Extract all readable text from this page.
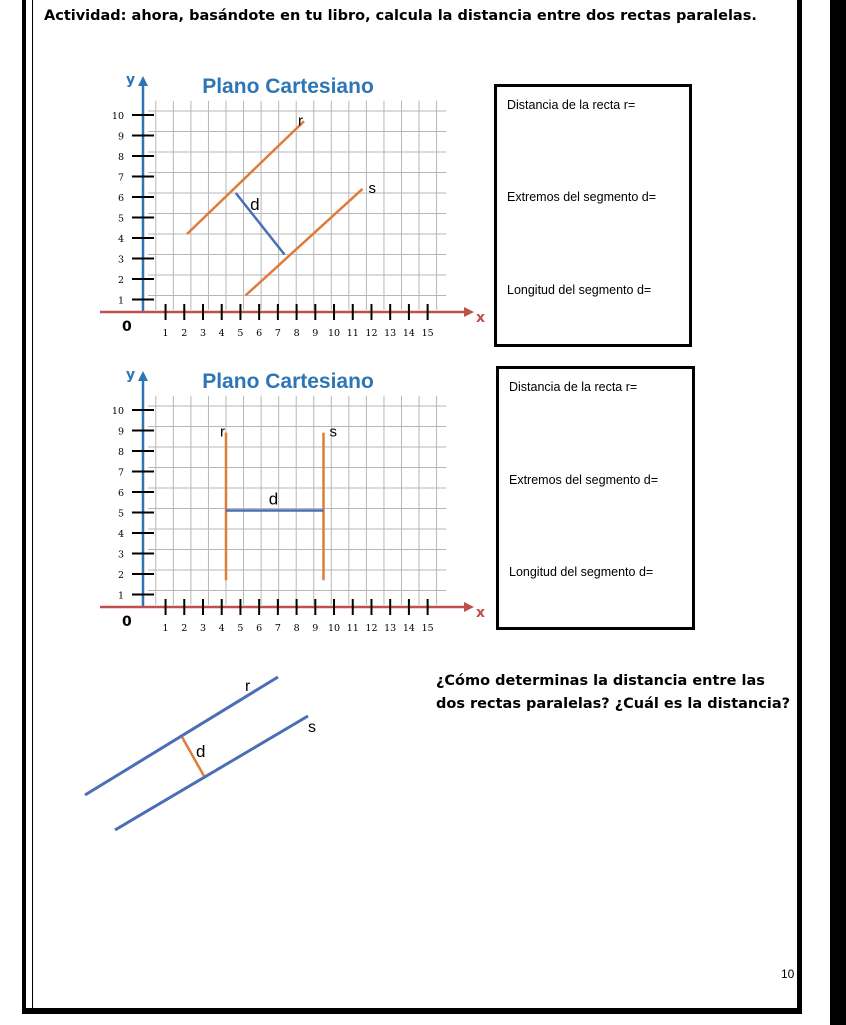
Actividad: ahora, basándote en tu libro, calcula la distancia entre dos rectas paralelas.
Plano Cartesiano
y
x
0	1 2 3 4 5 6 7 8 9 10 11 12 13 14 15
1
2
3
4
5
6
7
8
9
10	r
s
d
Plano Cartesiano
y
x
0	1 2 3 4 5 6 7 8 9 10 11 12 13 14 15
1
2
3
4
5
6
7
8
9
10
r	s
d
Distancia de la recta r=
Extremos del segmento d=
Longitud del segmento d=
Distancia de la recta r=
Extremos del segmento d=
Longitud del segmento d=
r
s
d
¿Cómo determinas la distancia entre las
dos rectas paralelas? ¿Cuál es la distancia?
10
